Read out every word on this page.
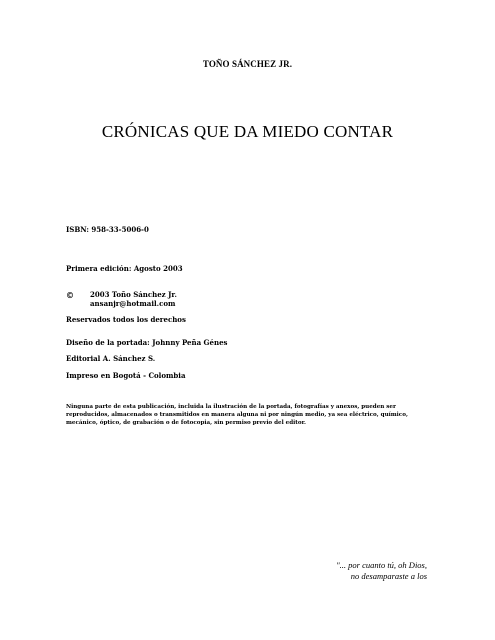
TOÑO SÁNCHEZ JR.
CRÓNICAS QUE DA MIEDO CONTAR
ISBN: 958-33-5006-0
Primera edición: Agosto 2003
© 2003 Toño Sánchez Jr.
ansanjr@hotmail.com
Reservados todos los derechos
Diseño de la portada: Johnny Peña Génes
Editorial A. Sánchez S.
Impreso en Bogotá - Colombia
Ninguna parte de esta publicación, incluida la ilustración de la portada, fotografías y anexos, pueden ser reproducidos, almacenados o transmitidos en manera alguna ni por ningún medio, ya sea eléctrico, químico, mecánico, óptico, de grabación o de fotocopia, sin permiso previo del editor.
"... por cuanto tú, oh Dios,
no desamparaste a los
